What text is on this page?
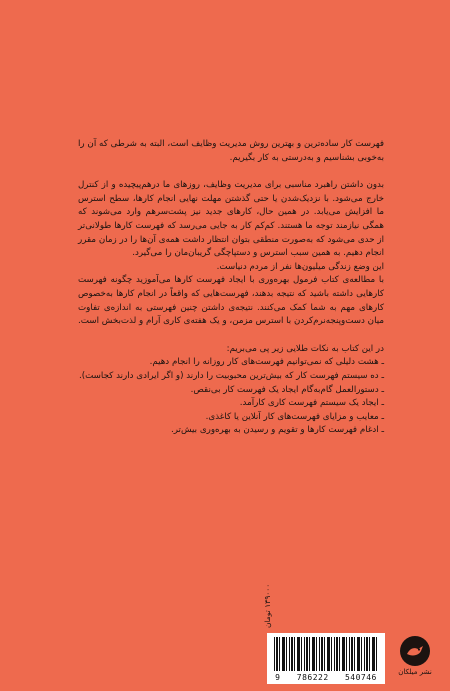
فهرست کار ساده‌ترین و بهترین روش مدیریت وظایف است، البته به شرطی که آن را به‌خوبی بشناسیم و به‌درستی به کار بگیریم.

بدون داشتن راهبرد مناسبی برای مدیریت وظایف، روزهای ما درهم‌پیچیده و از کنترل خارج می‌شود. با نزدیک‌شدن یا حتی گذشتن مهلت نهایی انجام کارها، سطح استرس ما افزایش می‌یابد. در همین حال، کارهای جدید نیز پشت‌سرهم وارد می‌شوند که همگی نیازمند توجه ما هستند. کم‌کم کار به جایی می‌رسد که فهرست کارها طولانی‌تر از حدی می‌شود که به‌صورت منطقی بتوان انتظار داشت همه‌ی آن‌ها را در زمان مقرر انجام دهیم. به همین سبب استرس و دستپاچگی گریبان‌مان را می‌گیرد.

این وضع زندگی میلیون‌ها نفر از مردم دنیاست.

با مطالعه‌ی کتاب فرمول بهره‌وری با ایجاد فهرست کارها می‌آموزید چگونه فهرست کارهایی داشته باشید که نتیجه بدهند، فهرست‌هایی که واقعاً در انجام کارها به‌خصوص کارهای مهم به شما کمک می‌کنند. نتیجه‌ی داشتن چنین فهرستی به اندازه‌ی تفاوت میان دست‌وپنجه‌نرم‌کردن با استرس مزمن، و یک هفته‌ی کاری آرام و لذت‌بخش است.

در این کتاب به نکات طلایی زیر پی می‌بریم:

ـ هشت دلیلی که نمی‌توانیم فهرست‌های کار روزانه را انجام دهیم.
ـ ده سیستم فهرست کار که بیش‌ترین محبوبیت را دارند (و اگر ایرادی دارند کجاست).
ـ دستورالعمل گام‌به‌گام ایجاد یک فهرست کار بی‌نقص.
ـ ایجاد یک سیستم فهرست کاری کارآمد.
ـ معایب و مزایای فهرست‌های کار آنلاین یا کاغذی.
ـ ادغام فهرست کارها و تقویم و رسیدن به بهره‌وری بیش‌تر.
۱۳۹۰۰۰ تومان
9 786222 540746
نشر میلکان
